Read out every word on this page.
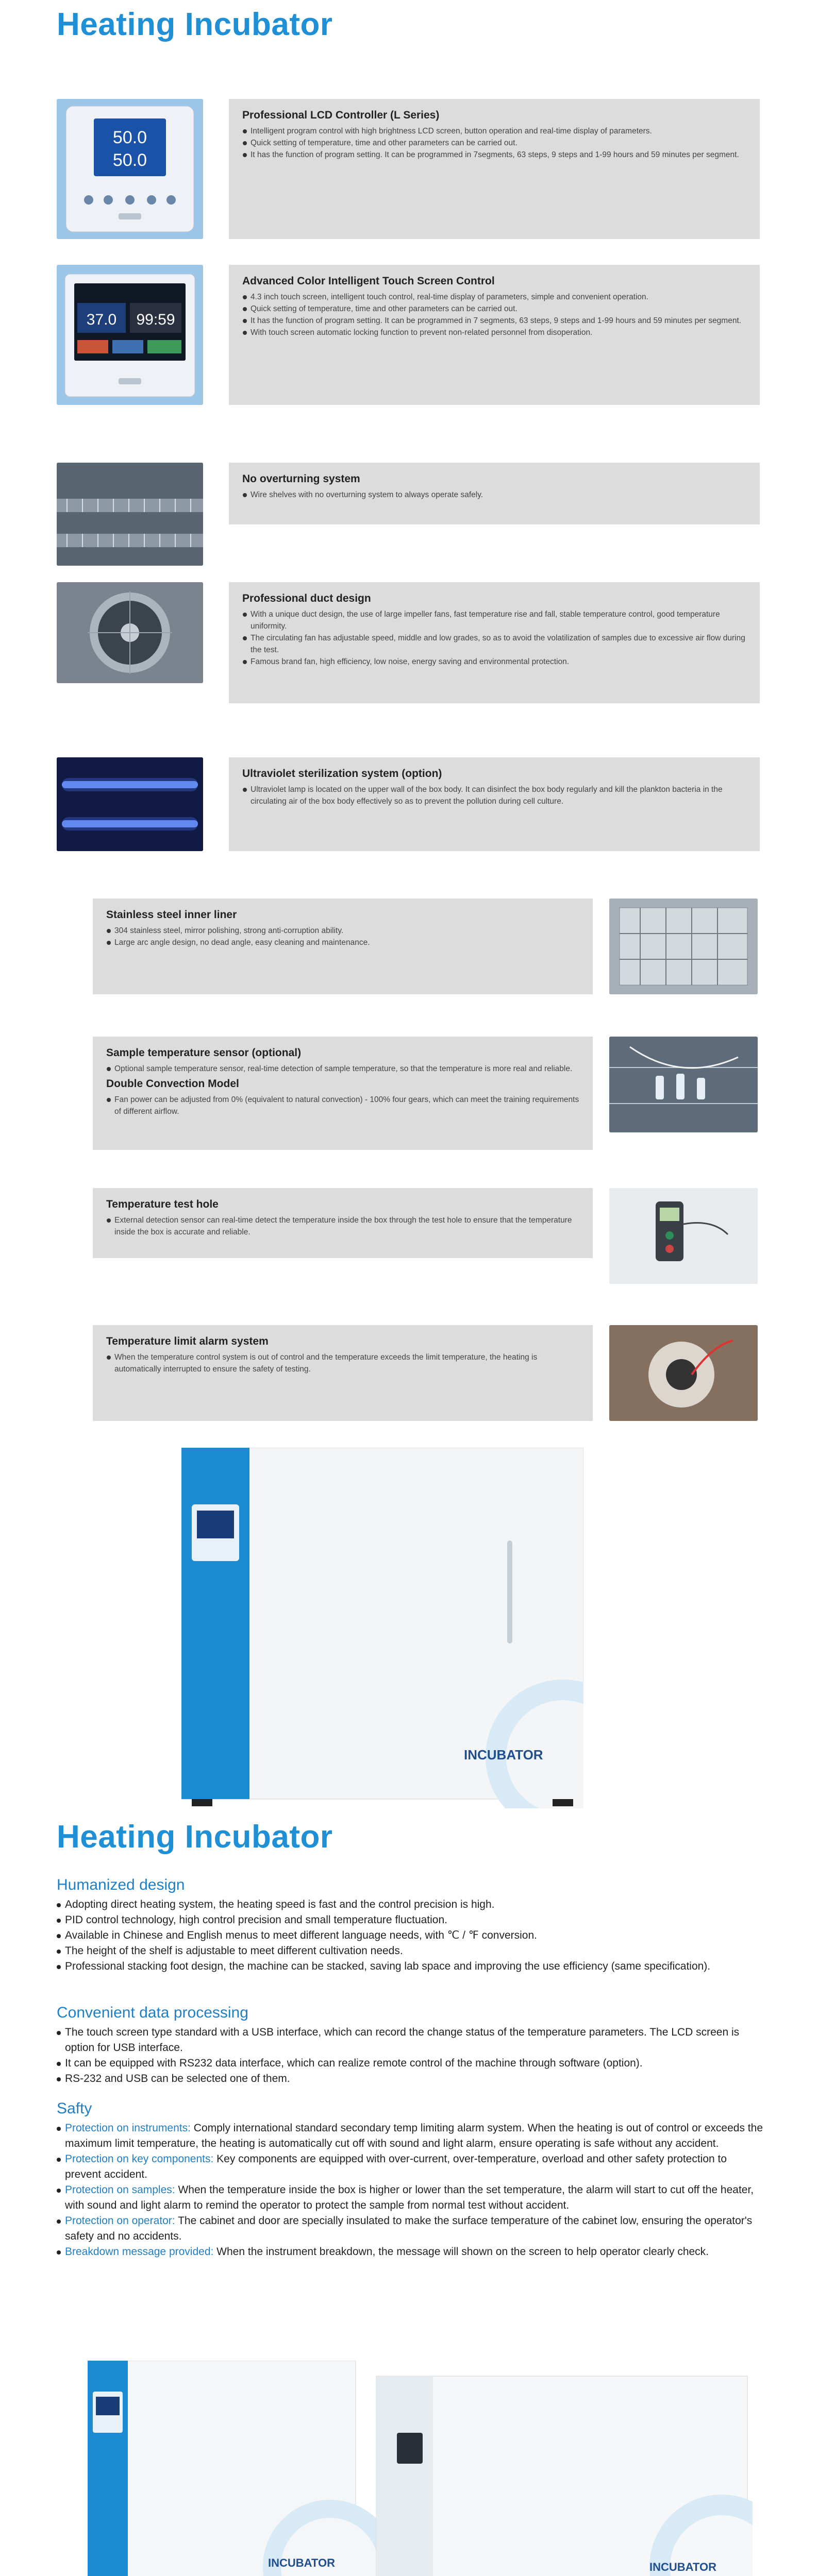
Heating Incubator
50.0
50.0
Professional LCD Controller (L Series)
Intelligent program control with high brightness LCD screen, button operation and real-time display of parameters.
Quick setting of temperature, time and other parameters can be carried out.
It has the function of program setting. It can be programmed in 7segments, 63 steps, 9 steps and 1-99 hours and 59 minutes per segment.
37.0 99:59
Advanced Color Intelligent Touch Screen Control
4.3 inch touch screen, intelligent touch control, real-time display of parameters, simple and convenient operation.
Quick setting of temperature, time and other parameters can be carried out.
It has the function of program setting. It can be programmed in 7 segments, 63 steps, 9 steps and 1-99 hours and 59 minutes per segment.
With touch screen automatic locking function to prevent non-related personnel from disoperation.
No overturning system
Wire shelves with no overturning system to always operate safely.
Professional duct design
With a unique duct design, the use of large impeller fans, fast temperature rise and fall, stable temperature control, good temperature uniformity.
The circulating fan has adjustable speed, middle and low grades, so as to avoid the volatilization of samples due to excessive air flow during the test.
Famous brand fan, high efficiency, low noise, energy saving and environmental protection.
Ultraviolet sterilization system (option)
Ultraviolet lamp is located on the upper wall of the box body. It can disinfect the box body regularly and kill the plankton bacteria in the circulating air of the box body effectively so as to prevent the pollution during cell culture.
Stainless steel inner liner
304 stainless steel, mirror polishing, strong anti-corruption ability.
Large arc angle design, no dead angle, easy cleaning and maintenance.
Sample temperature sensor (optional)
Optional sample temperature sensor, real-time detection of sample temperature, so that the temperature is more real and reliable.
Double Convection Model
Fan power can be adjusted from 0% (equivalent to natural convection) - 100% four gears, which can meet the training requirements of different airflow.
Temperature test hole
External detection sensor can real-time detect the temperature inside the box through the test hole to ensure that the temperature inside the box is accurate and reliable.
Temperature limit alarm system
When the temperature control system is out of control and the temperature exceeds the limit temperature, the heating is automatically interrupted to ensure the safety of testing.
INCUBATOR
Heating Incubator
Humanized design
Adopting direct heating system, the heating speed is fast and the control precision is high.
PID control technology, high control precision and small temperature fluctuation.
Available in Chinese and English menus to meet different language needs, with ℃ / ℉ conversion.
The height of the shelf is adjustable to meet different cultivation needs.
Professional stacking foot design, the machine can be stacked, saving lab space and improving the use efficiency (same specification).
Convenient data processing
The touch screen type standard with a USB interface, which can record the change status of the temperature parameters. The LCD screen is option for USB interface.
It can be equipped with RS232 data interface, which can realize remote control of the machine through software (option).
RS-232 and USB can be selected one of them.
Safty
Protection on instruments: Comply international standard secondary temp limiting alarm system. When the heating is out of control or exceeds the maximum limit temperature, the heating is automatically cut off with sound and light alarm, ensure operating is safe without any accident.
Protection on key components: Key components are equipped with over-current, over-temperature, overload and other safety protection to prevent accident.
Protection on samples: When the temperature inside the box is higher or lower than the set temperature, the alarm will start to cut off the heater, with sound and light alarm to remind the operator to protect the sample from normal test without accident.
Protection on operator: The cabinet and door are specially insulated to make the surface temperature of the cabinet low, ensuring the operator's safety and no accidents.
Breakdown message provided: When the instrument breakdown, the message will shown on the screen to help operator clearly check.
INCUBATOR	INCUBATOR
